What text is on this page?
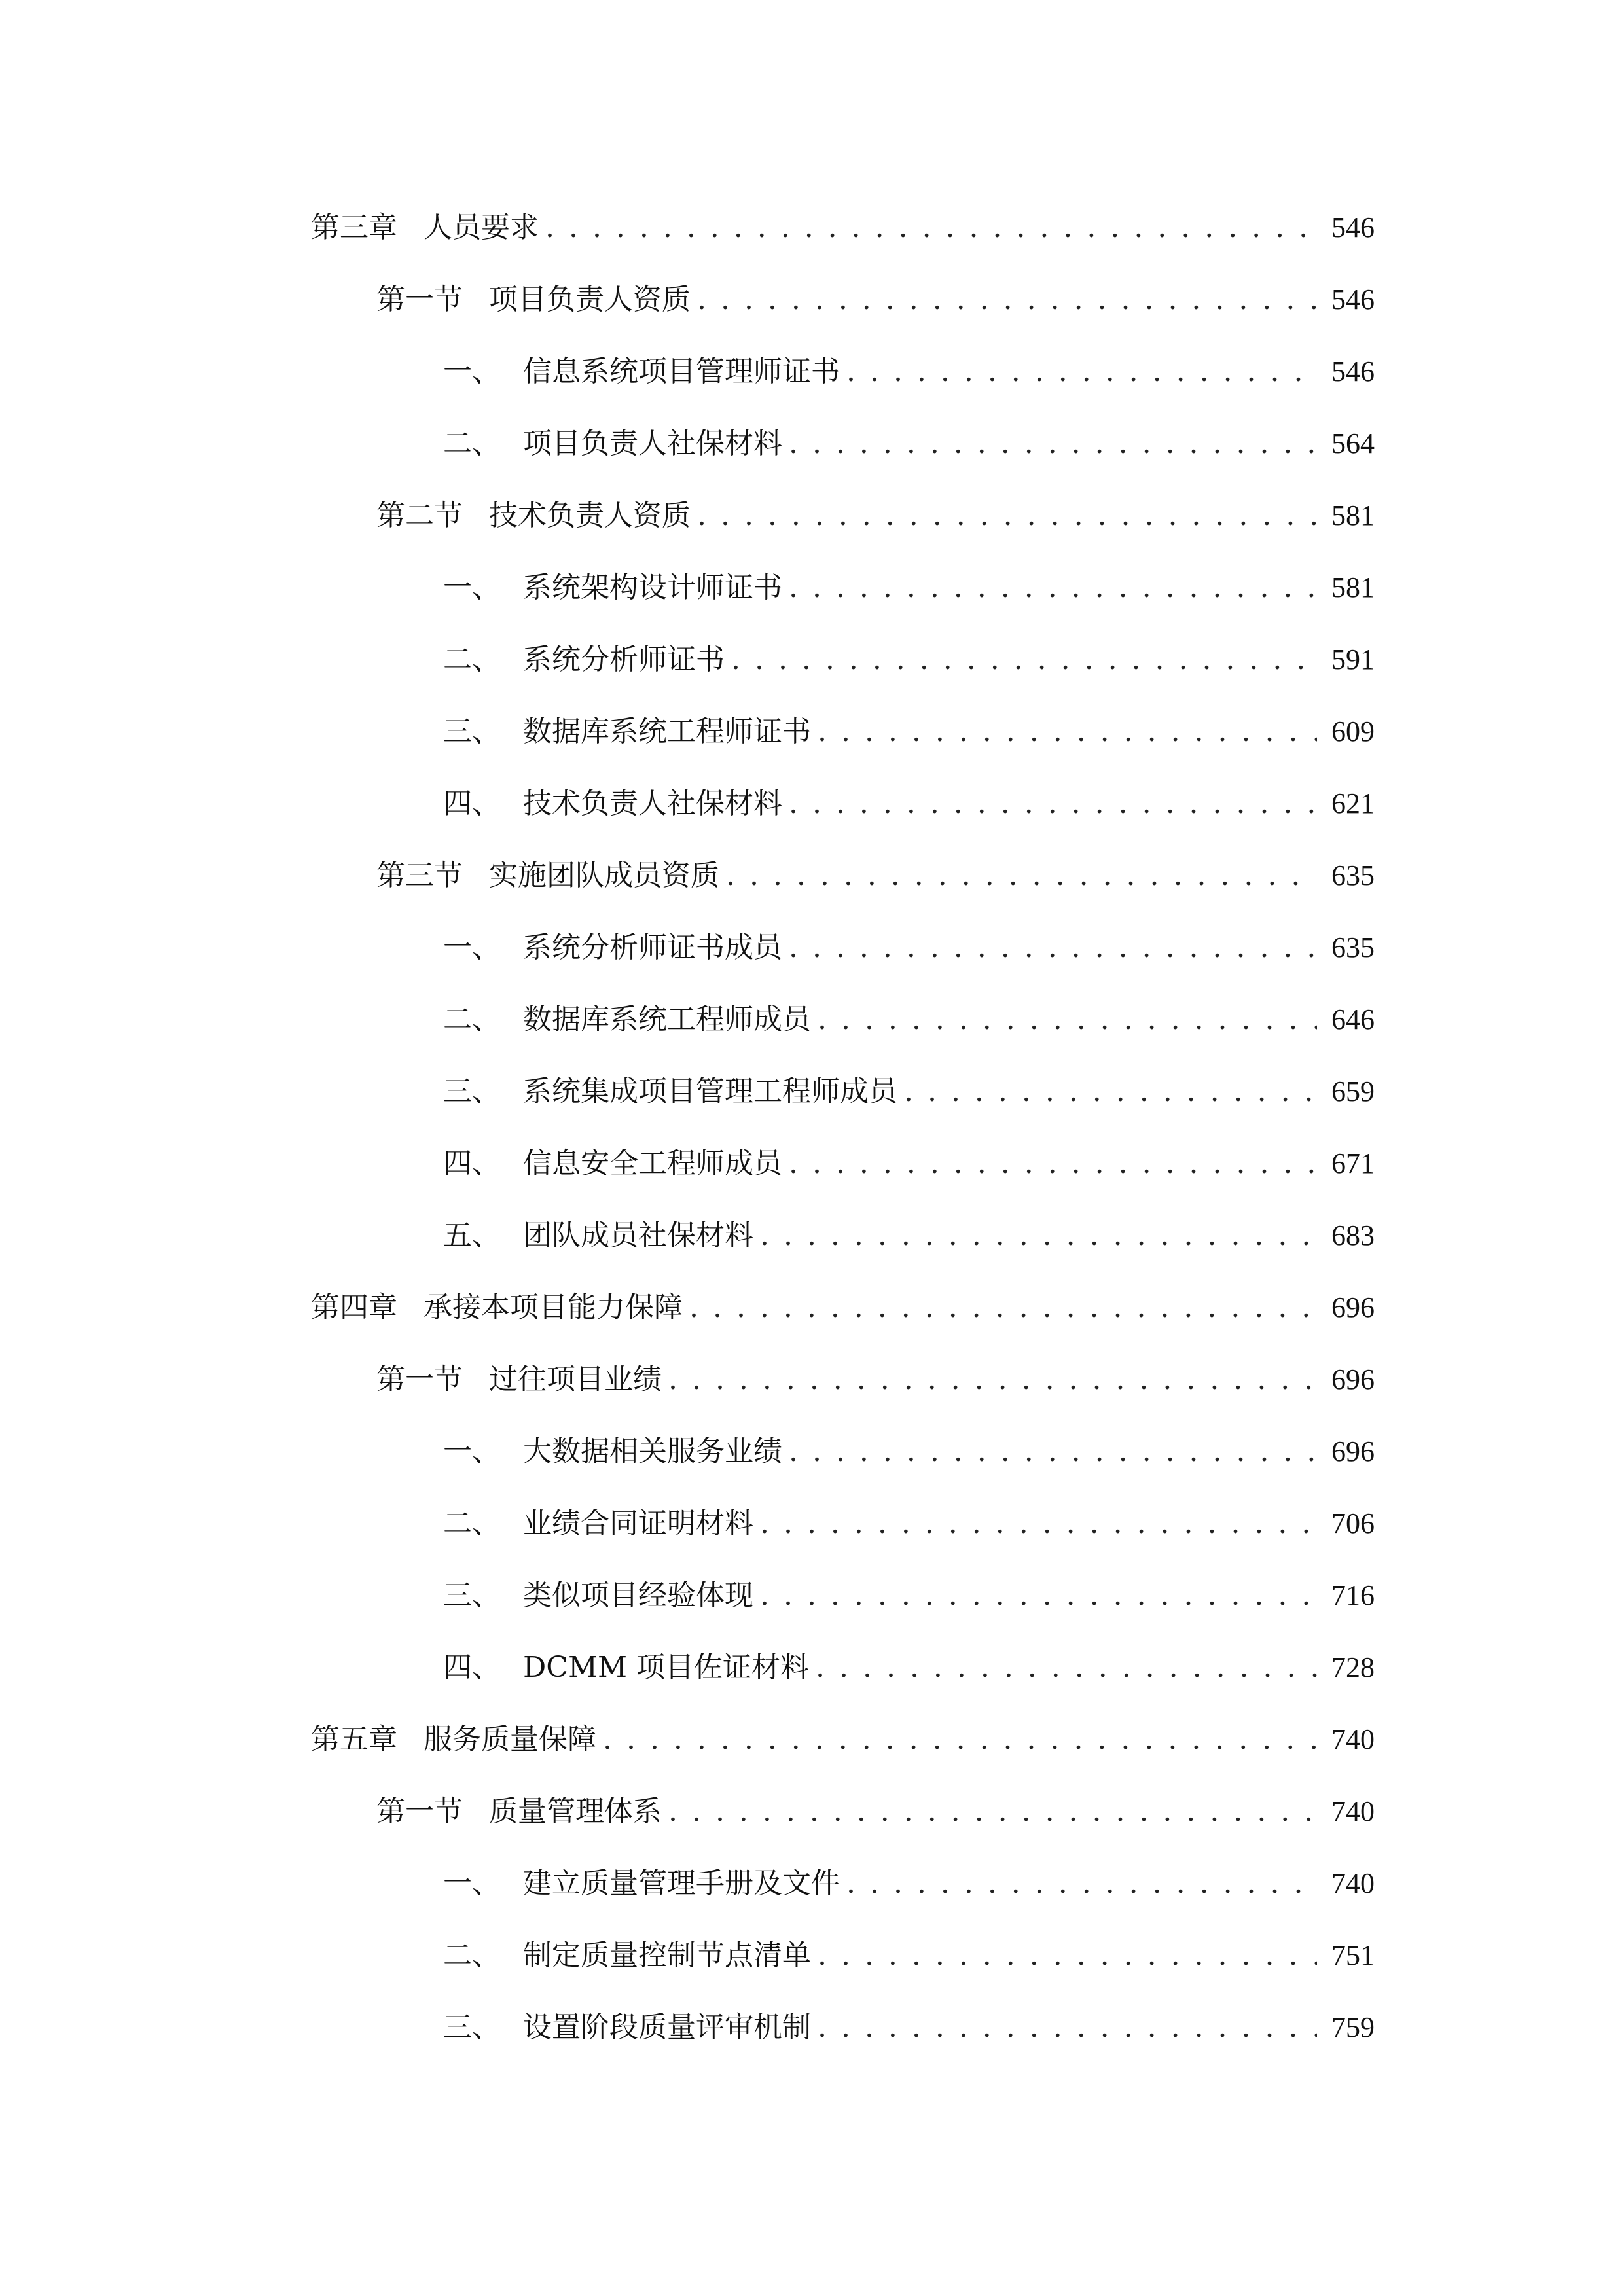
第三章 人员要求 . . .	546
第一节 项目负责人资质 . . .	546
一、 信息系统项目管理师证书 . . .	546
二、 项目负责人社保材料 . . .	564
第二节 技术负责人资质 . . .	581
一、 系统架构设计师证书 . . .	581
二、 系统分析师证书 . . .	591
三、 数据库系统工程师证书 . . .	609
四、 技术负责人社保材料 . . .	621
第三节 实施团队成员资质 . . .	635
一、 系统分析师证书成员 . . .	635
二、 数据库系统工程师成员 . . .	646
三、 系统集成项目管理工程师成员 . . .	659
四、 信息安全工程师成员 . . .	671
五、 团队成员社保材料 . . .	683
第四章 承接本项目能力保障 . . .	696
第一节 过往项目业绩 . . .	696
一、 大数据相关服务业绩 . . .	696
二、 业绩合同证明材料 . . .	706
三、 类似项目经验体现 . . .	716
四、 DCMM 项目佐证材料 . . .	728
第五章 服务质量保障 . . .	740
第一节 质量管理体系 . . .	740
一、 建立质量管理手册及文件 . . .	740
二、 制定质量控制节点清单 . . .	751
三、 设置阶段质量评审机制 . . .	759
